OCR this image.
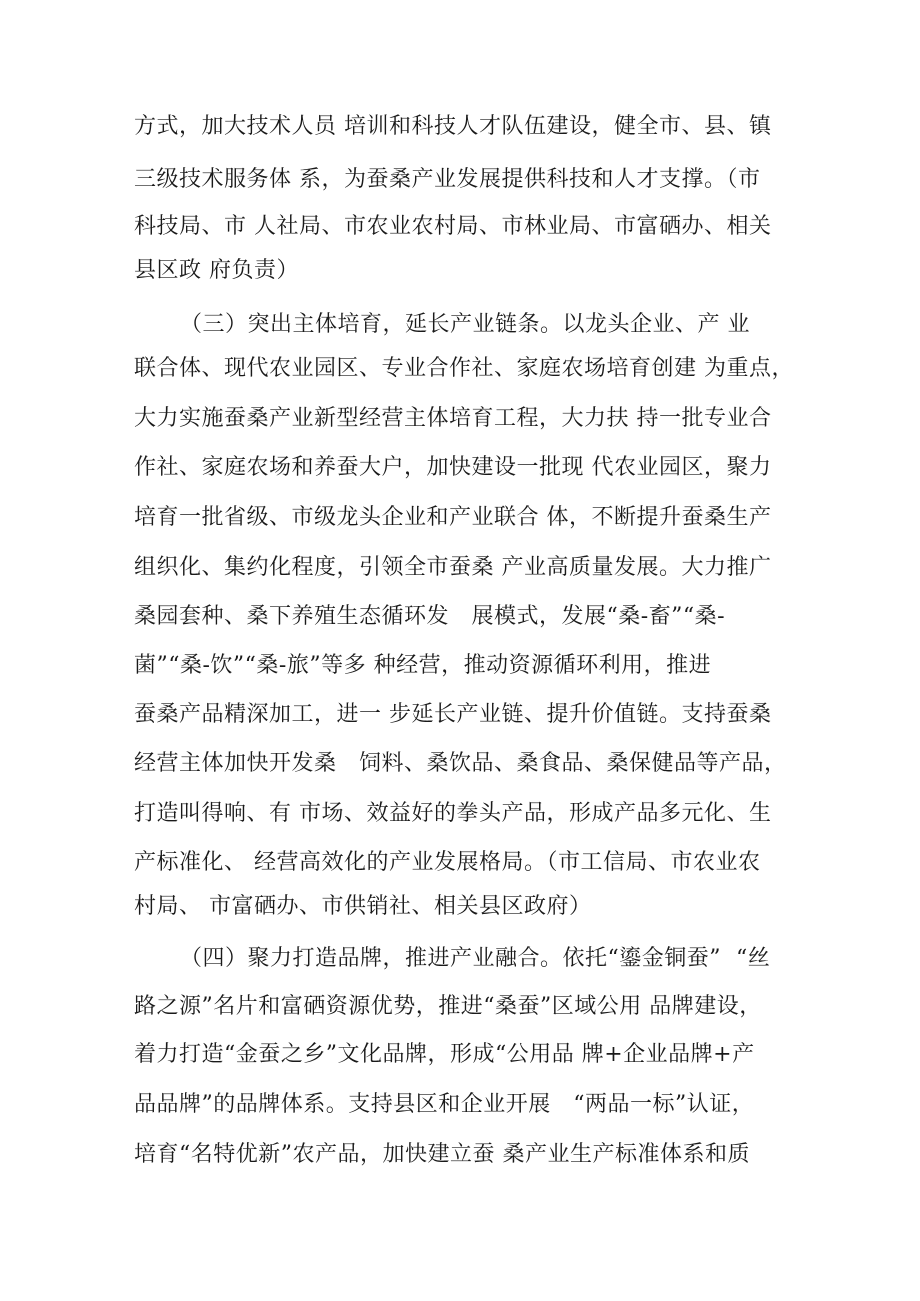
方式，加大技术人员 培训和科技人才队伍建设，健全市、县、镇
三级技术服务体 系，为蚕桑产业发展提供科技和人才支撑。（市
科技局、市 人社局、市农业农村局、市林业局、市富硒办、相关
县区政 府负责）
（三）突出主体培育，延长产业链条。以龙头企业、产 业
联合体、现代农业园区、专业合作社、家庭农场培育创建 为重点，
大力实施蚕桑产业新型经营主体培育工程，大力扶 持一批专业合
作社、家庭农场和养蚕大户，加快建设一批现 代农业园区，聚力
培育一批省级、市级龙头企业和产业联合 体，不断提升蚕桑生产
组织化、集约化程度，引领全市蚕桑 产业高质量发展。大力推广
桑园套种、桑下养殖生态循环发   展模式，发展“桑-畜”“桑-
菌”“桑-饮”“桑-旅”等多 种经营，推动资源循环利用，推进
蚕桑产品精深加工，进一 步延长产业链、提升价值链。支持蚕桑
经营主体加快开发桑   饲料、桑饮品、桑食品、桑保健品等产品，
打造叫得响、有 市场、效益好的拳头产品，形成产品多元化、生
产标准化、 经营高效化的产业发展格局。（市工信局、市农业农
村局、 市富硒办、市供销社、相关县区政府）
（四）聚力打造品牌，推进产业融合。依托“鎏金铜蚕”  “丝
路之源”名片和富硒资源优势，推进“桑蚕”区域公用 品牌建设，
着力打造“金蚕之乡”文化品牌，形成“公用品 牌+企业品牌+产
品品牌”的品牌体系。支持县区和企业开展   “两品一标”认证，
培育“名特优新”农产品，加快建立蚕 桑产业生产标准体系和质
